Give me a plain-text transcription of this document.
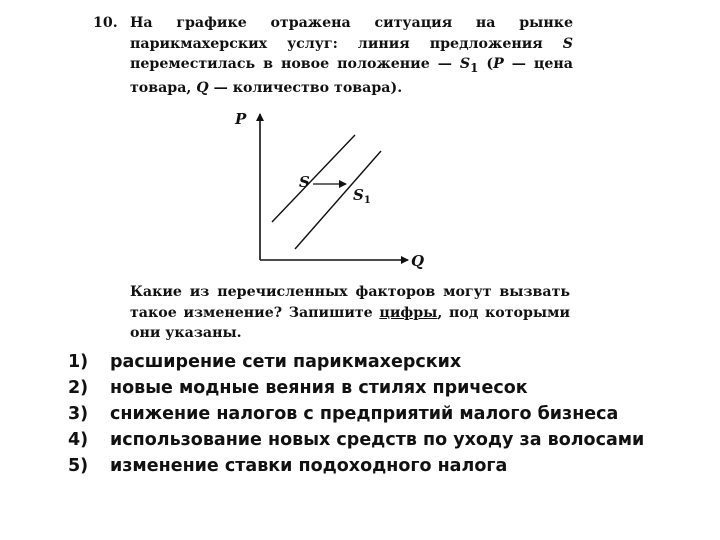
10. На графике отражена ситуация на рынке парикмахерских услуг: линия предложения S переместилась в новое положение — $S_1$ (P — цена товара, Q — количество товара).
P
Q
S
$S_1$
Какие из перечисленных факторов могут вызвать такое изменение? Запишите цифры, под которыми они указаны.
1) расширение сети парикмахерских
2) новые модные веяния в стилях причесок
3) снижение налогов с предприятий малого бизнеса
4) использование новых средств по уходу за волосами
5) изменение ставки подоходного налога
